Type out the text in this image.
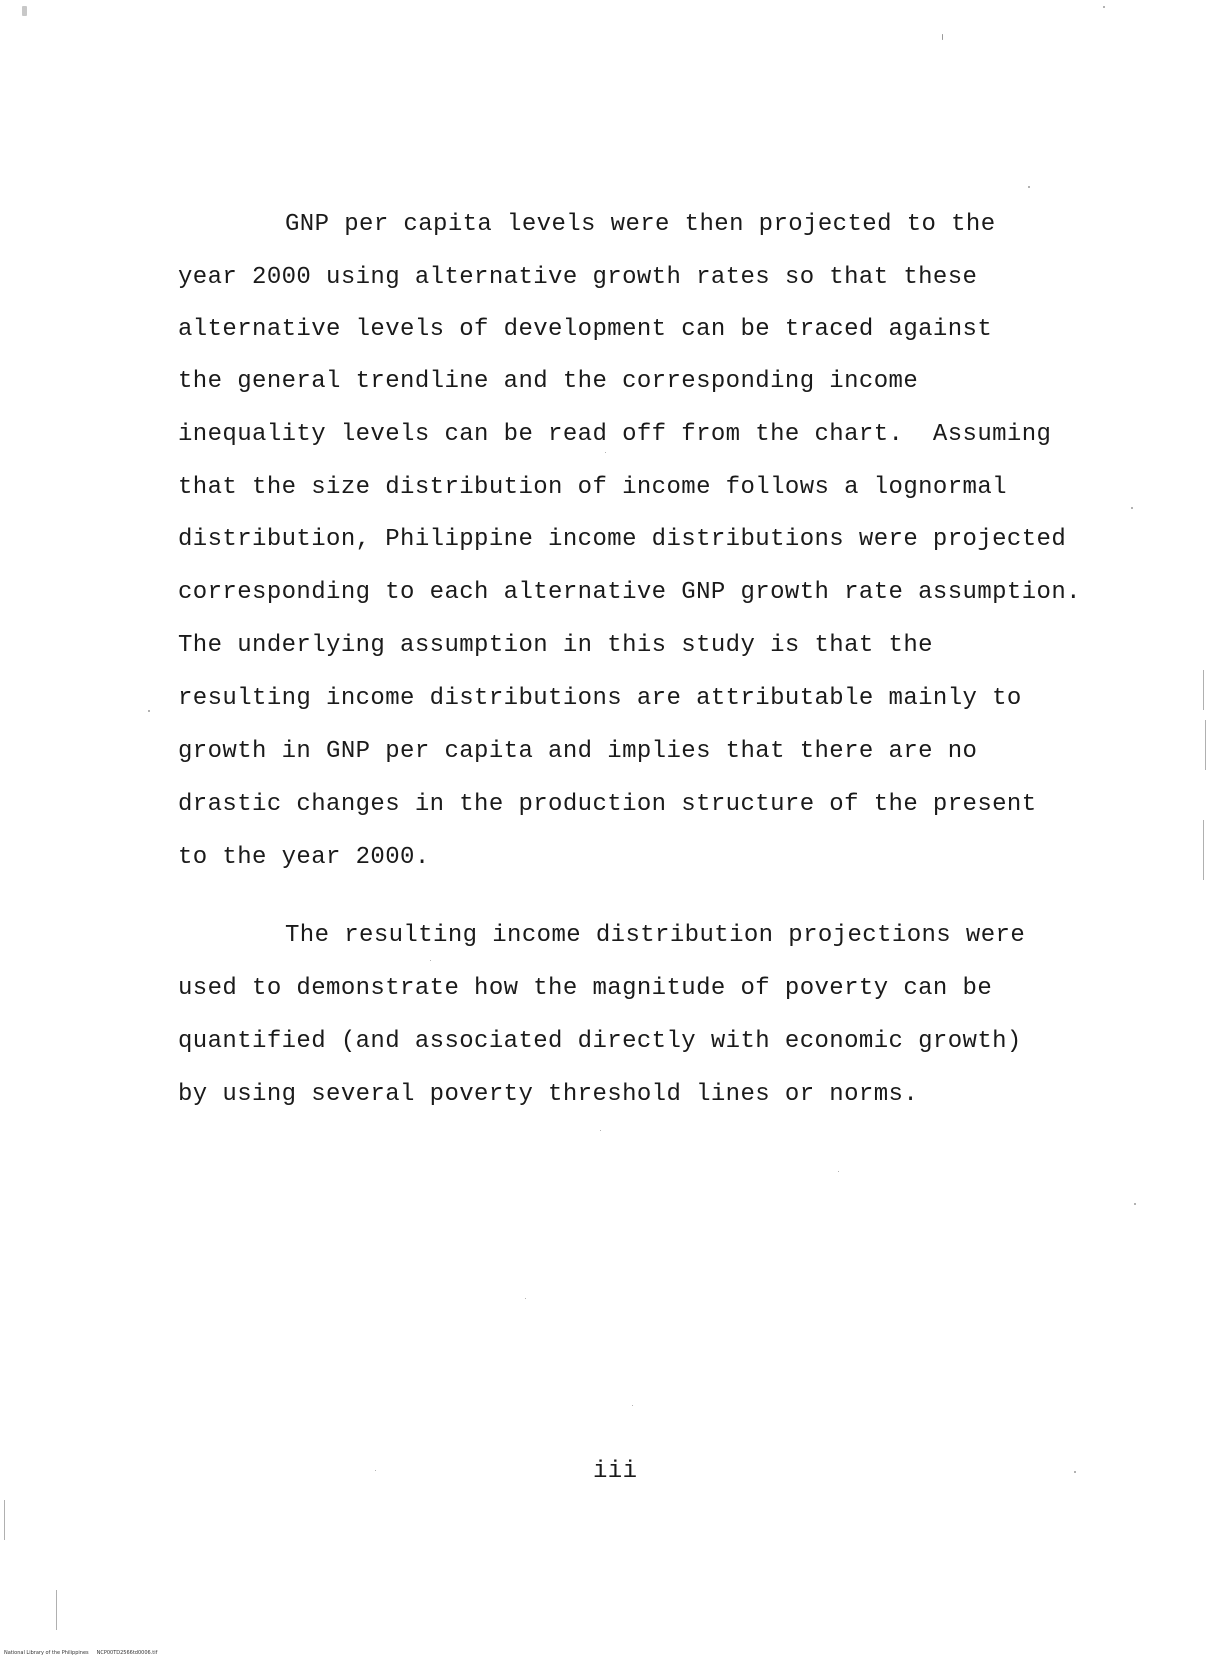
GNP per capita levels were then projected to the

year 2000 using alternative growth rates so that these

alternative levels of development can be traced against

the general trendline and the corresponding income

inequality levels can be read off from the chart.  Assuming

that the size distribution of income follows a lognormal

distribution, Philippine income distributions were projected

corresponding to each alternative GNP growth rate assumption.

The underlying assumption in this study is that the

resulting income distributions are attributable mainly to

growth in GNP per capita and implies that there are no

drastic changes in the production structure of the present

to the year 2000.

The resulting income distribution projections were

used to demonstrate how the magnitude of poverty can be

quantified (and associated directly with economic growth)

by using several poverty threshold lines or norms.

iii
National Library of the Philippines     NCP00TD2566td0006.tif
